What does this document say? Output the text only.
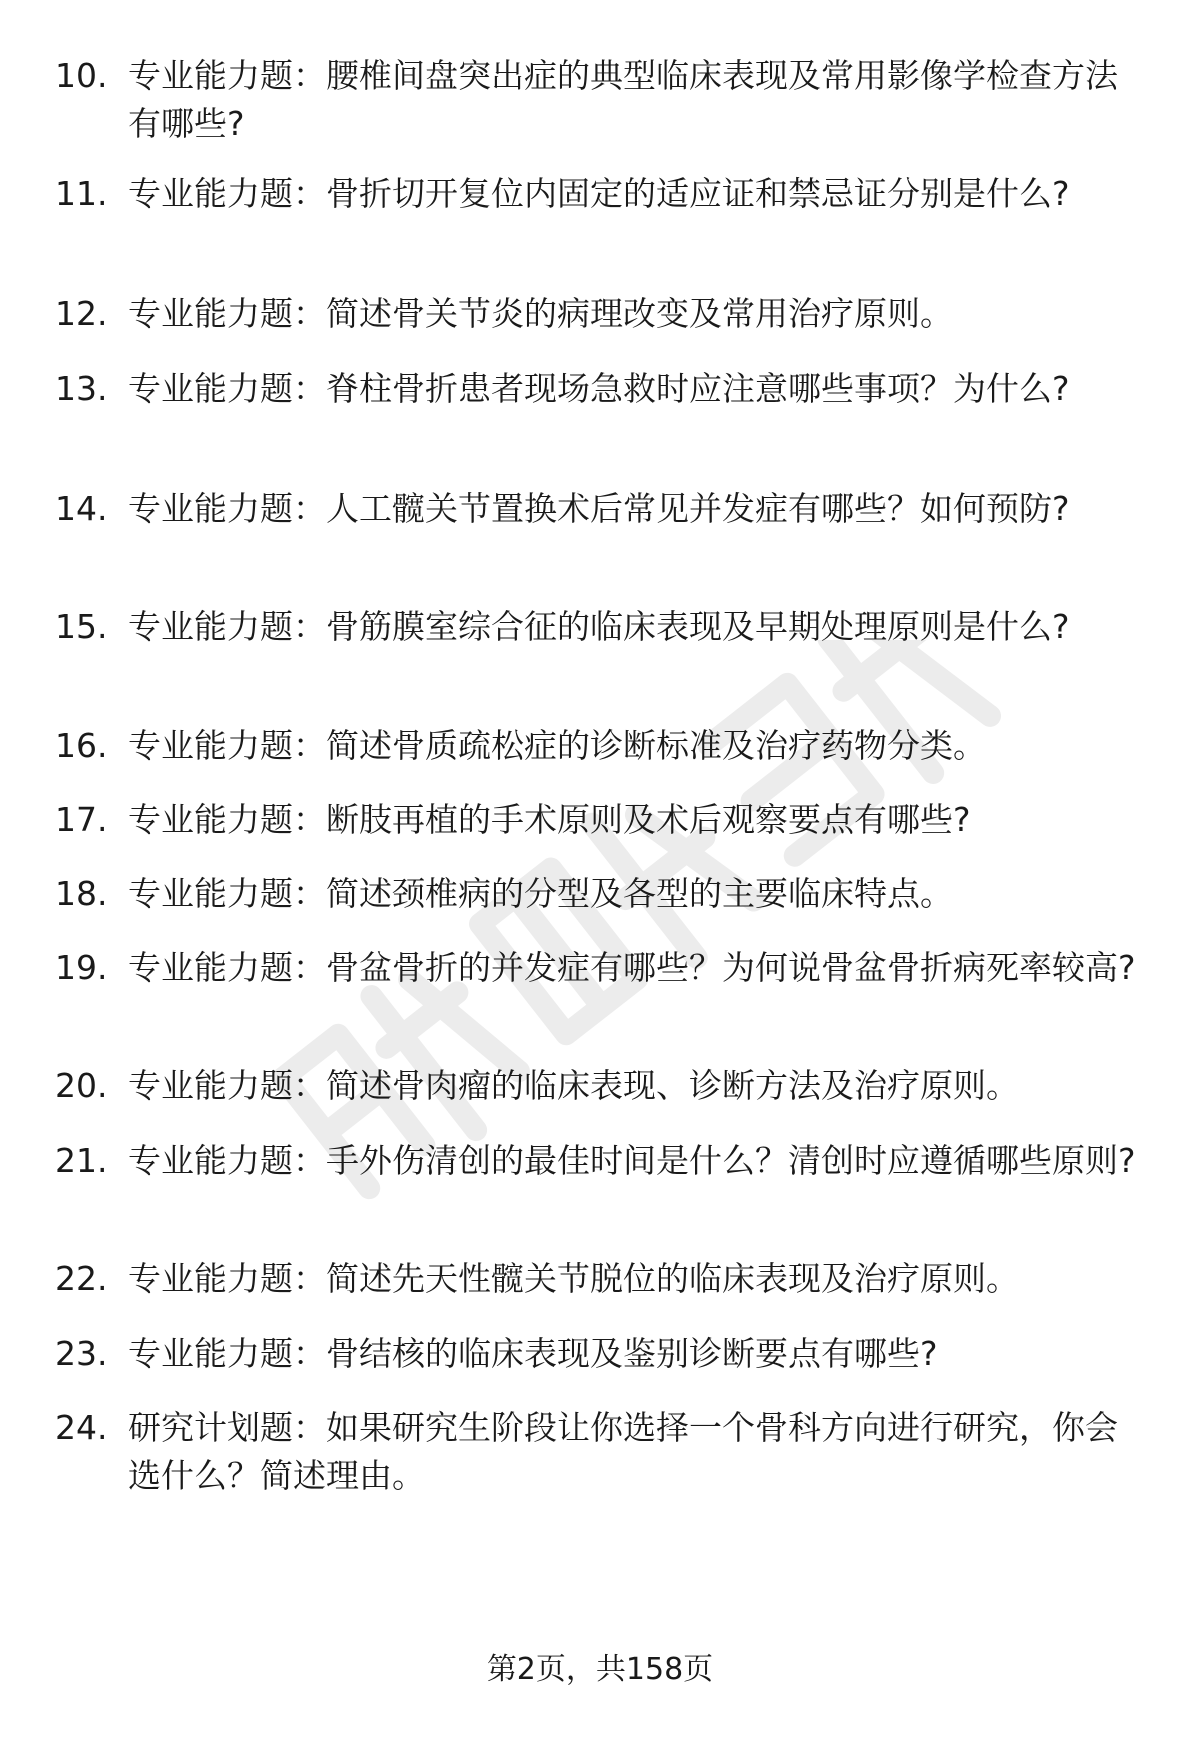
10. 专业能力题：腰椎间盘突出症的典型临床表现及常用影像学检查方法有哪些?
11. 专业能力题：骨折切开复位内固定的适应证和禁忌证分别是什么?
12. 专业能力题：简述骨关节炎的病理改变及常用治疗原则。
13. 专业能力题：脊柱骨折患者现场急救时应注意哪些事项？为什么?
14. 专业能力题：人工髋关节置换术后常见并发症有哪些？如何预防?
15. 专业能力题：骨筋膜室综合征的临床表现及早期处理原则是什么?
16. 专业能力题：简述骨质疏松症的诊断标准及治疗药物分类。
17. 专业能力题：断肢再植的手术原则及术后观察要点有哪些?
18. 专业能力题：简述颈椎病的分型及各型的主要临床特点。
19. 专业能力题：骨盆骨折的并发症有哪些？为何说骨盆骨折病死率较高?
20. 专业能力题：简述骨肉瘤的临床表现、诊断方法及治疗原则。
21. 专业能力题：手外伤清创的最佳时间是什么？清创时应遵循哪些原则?
22. 专业能力题：简述先天性髋关节脱位的临床表现及治疗原则。
23. 专业能力题：骨结核的临床表现及鉴别诊断要点有哪些?
24. 研究计划题：如果研究生阶段让你选择一个骨科方向进行研究，你会选什么？简述理由。
第2页，共158页
